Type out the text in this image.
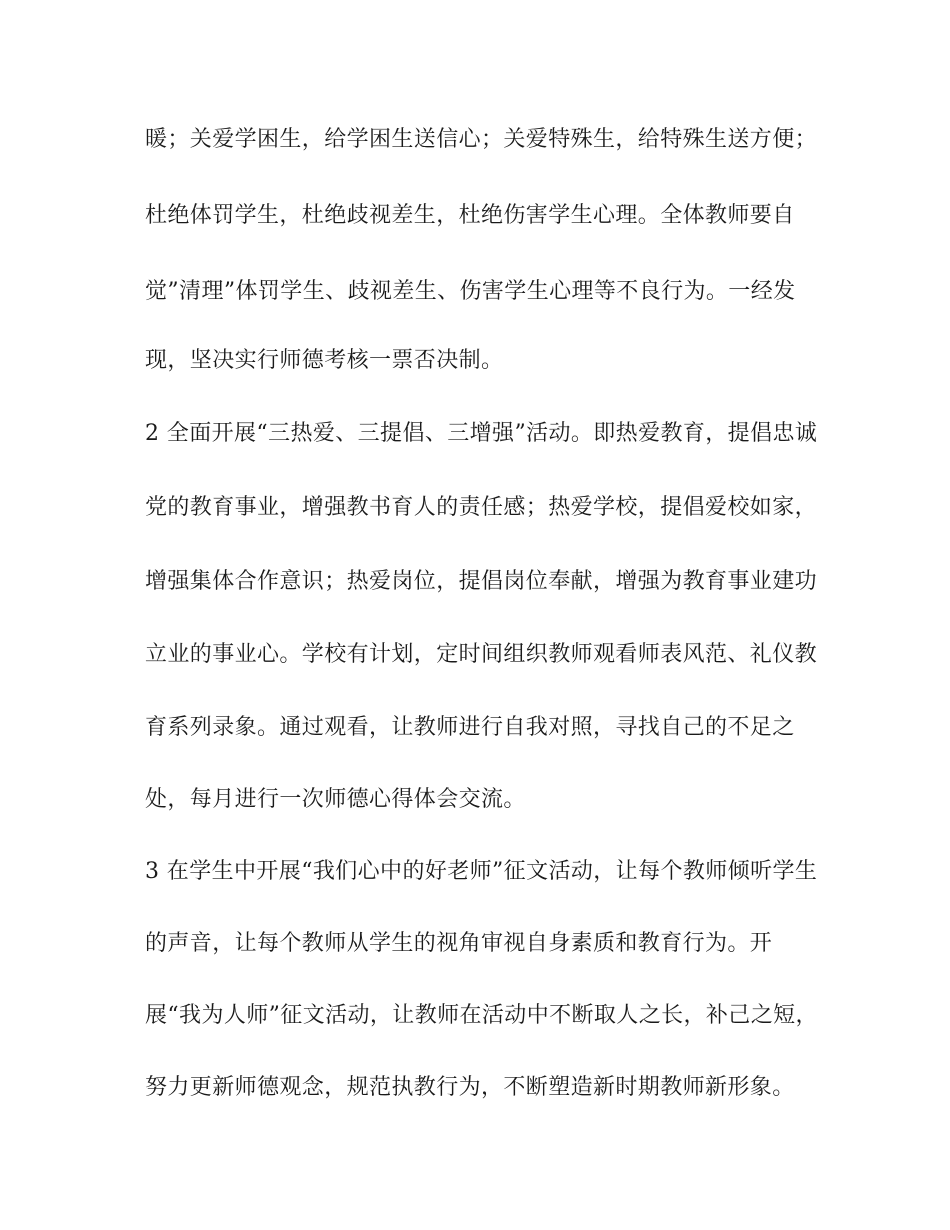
暖；关爱学困生，给学困生送信心；关爱特殊生，给特殊生送方便；

杜绝体罚学生，杜绝歧视差生，杜绝伤害学生心理。全体教师要自

觉”清理”体罚学生、歧视差生、伤害学生心理等不良行为。一经发

现，坚决实行师德考核一票否决制。

2 全面开展“三热爱、三提倡、三增强”活动。即热爱教育，提倡忠诚

党的教育事业，增强教书育人的责任感；热爱学校，提倡爱校如家，

增强集体合作意识；热爱岗位，提倡岗位奉献，增强为教育事业建功

立业的事业心。学校有计划，定时间组织教师观看师表风范、礼仪教

育系列录象。通过观看，让教师进行自我对照，寻找自己的不足之

处，每月进行一次师德心得体会交流。

3 在学生中开展“我们心中的好老师”征文活动，让每个教师倾听学生

的声音，让每个教师从学生的视角审视自身素质和教育行为。开

展“我为人师”征文活动，让教师在活动中不断取人之长，补己之短，

努力更新师德观念，规范执教行为，不断塑造新时期教师新形象。
